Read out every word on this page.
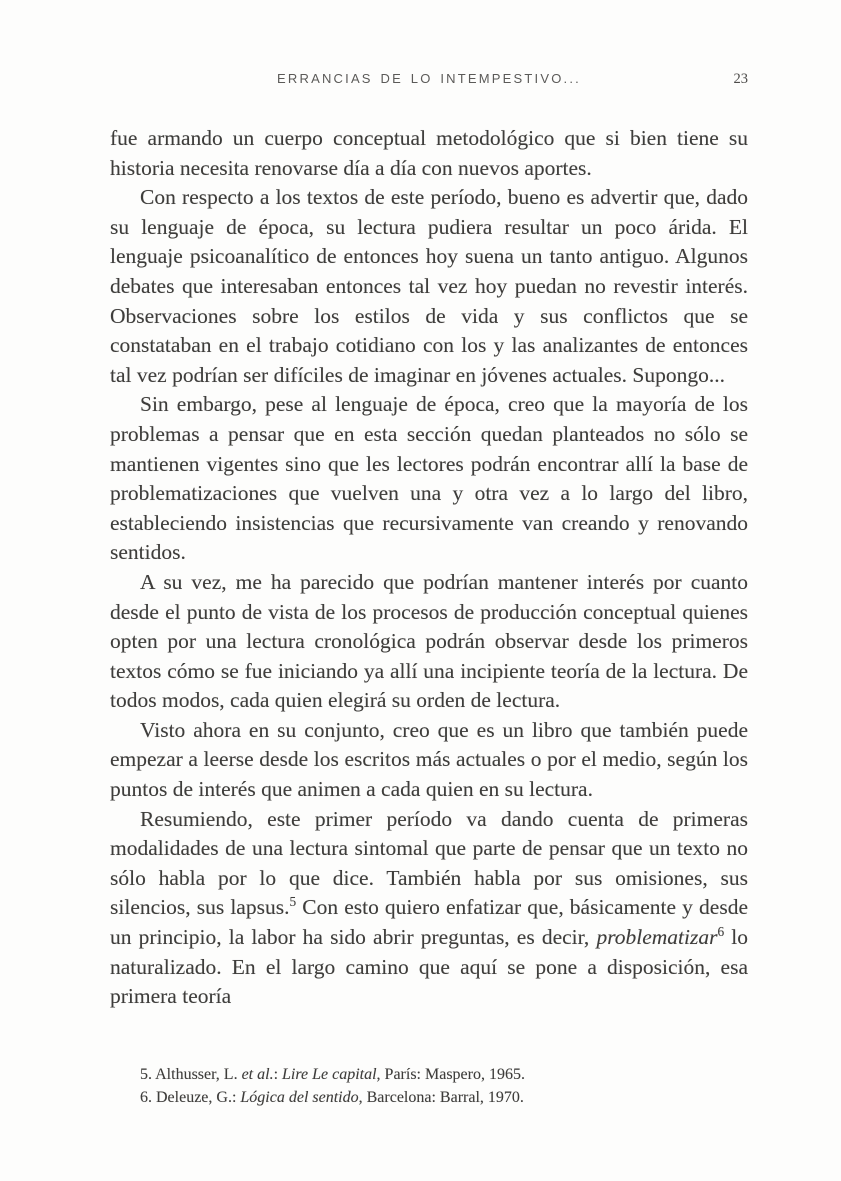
ERRANCIAS DE LO INTEMPESTIVO...	23

fue armando un cuerpo conceptual metodológico que si bien tiene su historia necesita renovarse día a día con nuevos aportes.

Con respecto a los textos de este período, bueno es advertir que, dado su lenguaje de época, su lectura pudiera resultar un poco árida. El lenguaje psicoanalítico de entonces hoy suena un tanto antiguo. Algunos debates que interesaban entonces tal vez hoy puedan no revestir interés. Observaciones sobre los estilos de vida y sus conflictos que se constataban en el trabajo cotidiano con los y las analizantes de entonces tal vez podrían ser difíciles de imaginar en jóvenes actuales. Supongo...

Sin embargo, pese al lenguaje de época, creo que la mayoría de los problemas a pensar que en esta sección quedan planteados no sólo se mantienen vigentes sino que les lectores podrán encontrar allí la base de problematizaciones que vuelven una y otra vez a lo largo del libro, estableciendo insistencias que recursivamente van creando y renovando sentidos.

A su vez, me ha parecido que podrían mantener interés por cuanto desde el punto de vista de los procesos de producción conceptual quienes opten por una lectura cronológica podrán observar desde los primeros textos cómo se fue iniciando ya allí una incipiente teoría de la lectura. De todos modos, cada quien elegirá su orden de lectura.

Visto ahora en su conjunto, creo que es un libro que también puede empezar a leerse desde los escritos más actuales o por el medio, según los puntos de interés que animen a cada quien en su lectura.

Resumiendo, este primer período va dando cuenta de primeras modalidades de una lectura sintomal que parte de pensar que un texto no sólo habla por lo que dice. También habla por sus omisiones, sus silencios, sus lapsus.$^5$ Con esto quiero enfatizar que, básicamente y desde un principio, la labor ha sido abrir preguntas, es decir, problematizar$^6$ lo naturalizado. En el largo camino que aquí se pone a disposición, esa primera teoría

5. Althusser, L. et al.: Lire Le capital, París: Maspero, 1965.

6. Deleuze, G.: Lógica del sentido, Barcelona: Barral, 1970.
